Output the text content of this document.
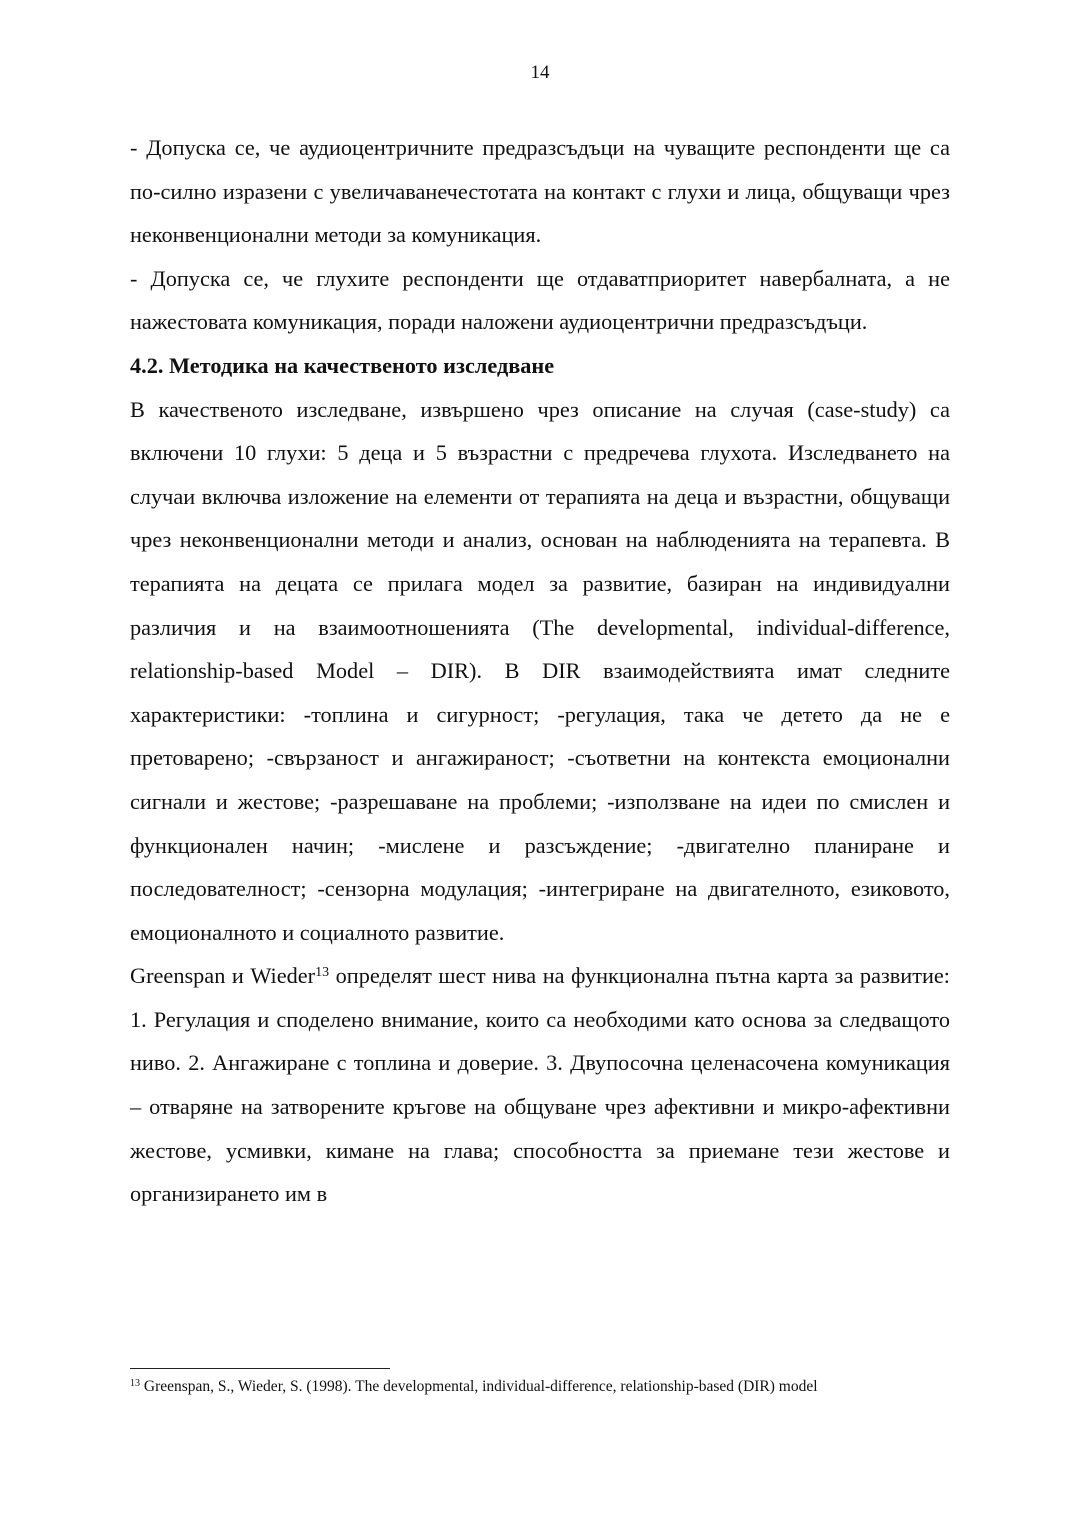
14

- Допуска се, че аудиоцентричните предразсъдъци на чуващите респонденти ще са по-силно изразени с увеличаванечестотата на контакт с глухи и лица, общуващи чрез неконвенционални методи за комуникация.

- Допуска се, че глухите респонденти ще отдаватприоритет навербалната, а не нажестовата комуникация, поради наложени аудиоцентрични предразсъдъци.

4.2. Методика на качественото изследване

В качественото изследване, извършено чрез описание на случая (case-study) са включени 10 глухи: 5 деца и 5 възрастни с предречева глухота. Изследването на случаи включва изложение на елементи от терапията на деца и възрастни, общуващи чрез неконвенционални методи и анализ, основан на наблюденията на терапевта. В терапията на децата се прилага модел за развитие, базиран на индивидуални различия и на взаимоотношенията (The developmental, individual-difference, relationship-based Model – DIR). В DIR взаимодействията имат следните характеристики: -топлина и сигурност; -регулация, така че детето да не е претоварено; -свързаност и ангажираност; -съответни на контекста емоционални сигнали и жестове; -разрешаване на проблеми; -използване на идеи по смислен и функционален начин; -мислене и разсъждение; -двигателно планиране и последователност; -сензорна модулация; -интегриране на двигателното, езиковото, емоционалното и социалното развитие.

Greenspan и Wieder$^{13}$ определят шест нива на функционална пътна карта за развитие: 1. Регулация и споделено внимание, които са необходими като основа за следващото ниво. 2. Ангажиране с топлина и доверие. 3. Двупосочна целенасочена комуникация – отваряне на затворените кръгове на общуване чрез афективни и микро-афективни жестове, усмивки, кимане на глава; способността за приемане тези жестове и организирането им в

$^{13}$ Greenspan, S., Wieder, S. (1998). The developmental, individual-difference, relationship-based (DIR) model
